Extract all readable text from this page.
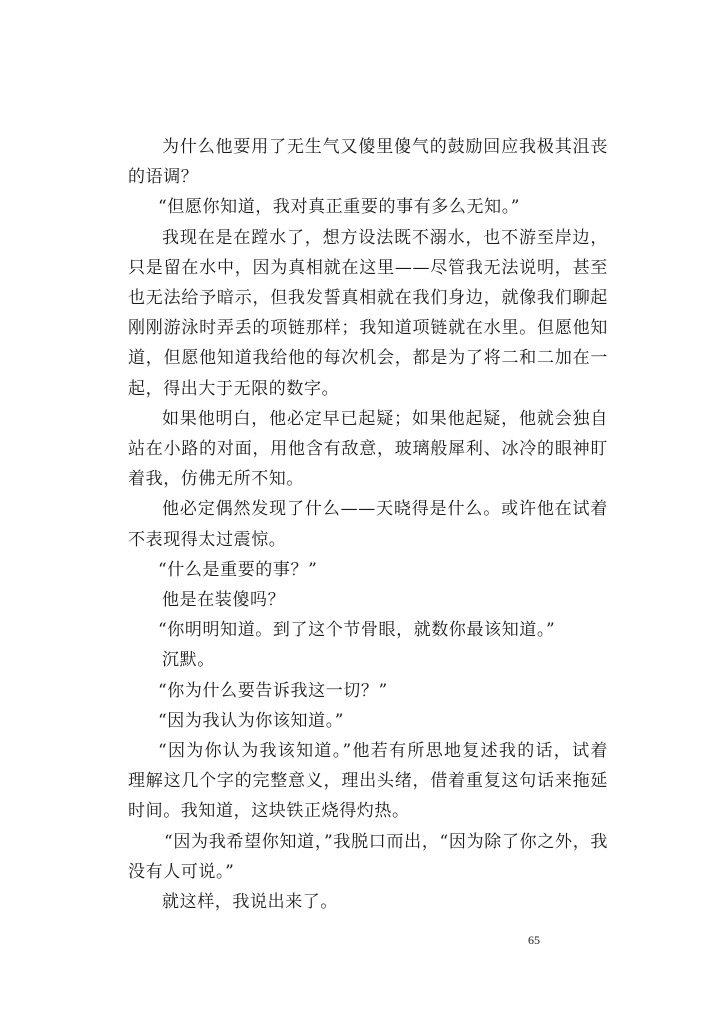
为什么他要用了无生气又傻里傻气的鼓励回应我极其沮丧的语调？

“但愿你知道，我对真正重要的事有多么无知。”

我现在是在蹚水了，想方设法既不溺水，也不游至岸边，只是留在水中，因为真相就在这里——尽管我无法说明，甚至也无法给予暗示，但我发誓真相就在我们身边，就像我们聊起刚刚游泳时弄丢的项链那样；我知道项链就在水里。但愿他知道，但愿他知道我给他的每次机会，都是为了将二和二加在一起，得出大于无限的数字。

如果他明白，他必定早已起疑；如果他起疑，他就会独自站在小路的对面，用他含有敌意，玻璃般犀利、冰冷的眼神盯着我，仿佛无所不知。

他必定偶然发现了什么——天晓得是什么。或许他在试着不表现得太过震惊。

“什么是重要的事？”

他是在装傻吗？

“你明明知道。到了这个节骨眼，就数你最该知道。”

沉默。

“你为什么要告诉我这一切？”

“因为我认为你该知道。”

“因为你认为我该知道。”他若有所思地复述我的话，试着理解这几个字的完整意义，理出头绪，借着重复这句话来拖延时间。我知道，这块铁正烧得灼热。

“因为我希望你知道，”我脱口而出，“因为除了你之外，我没有人可说。”

就这样，我说出来了。

65
